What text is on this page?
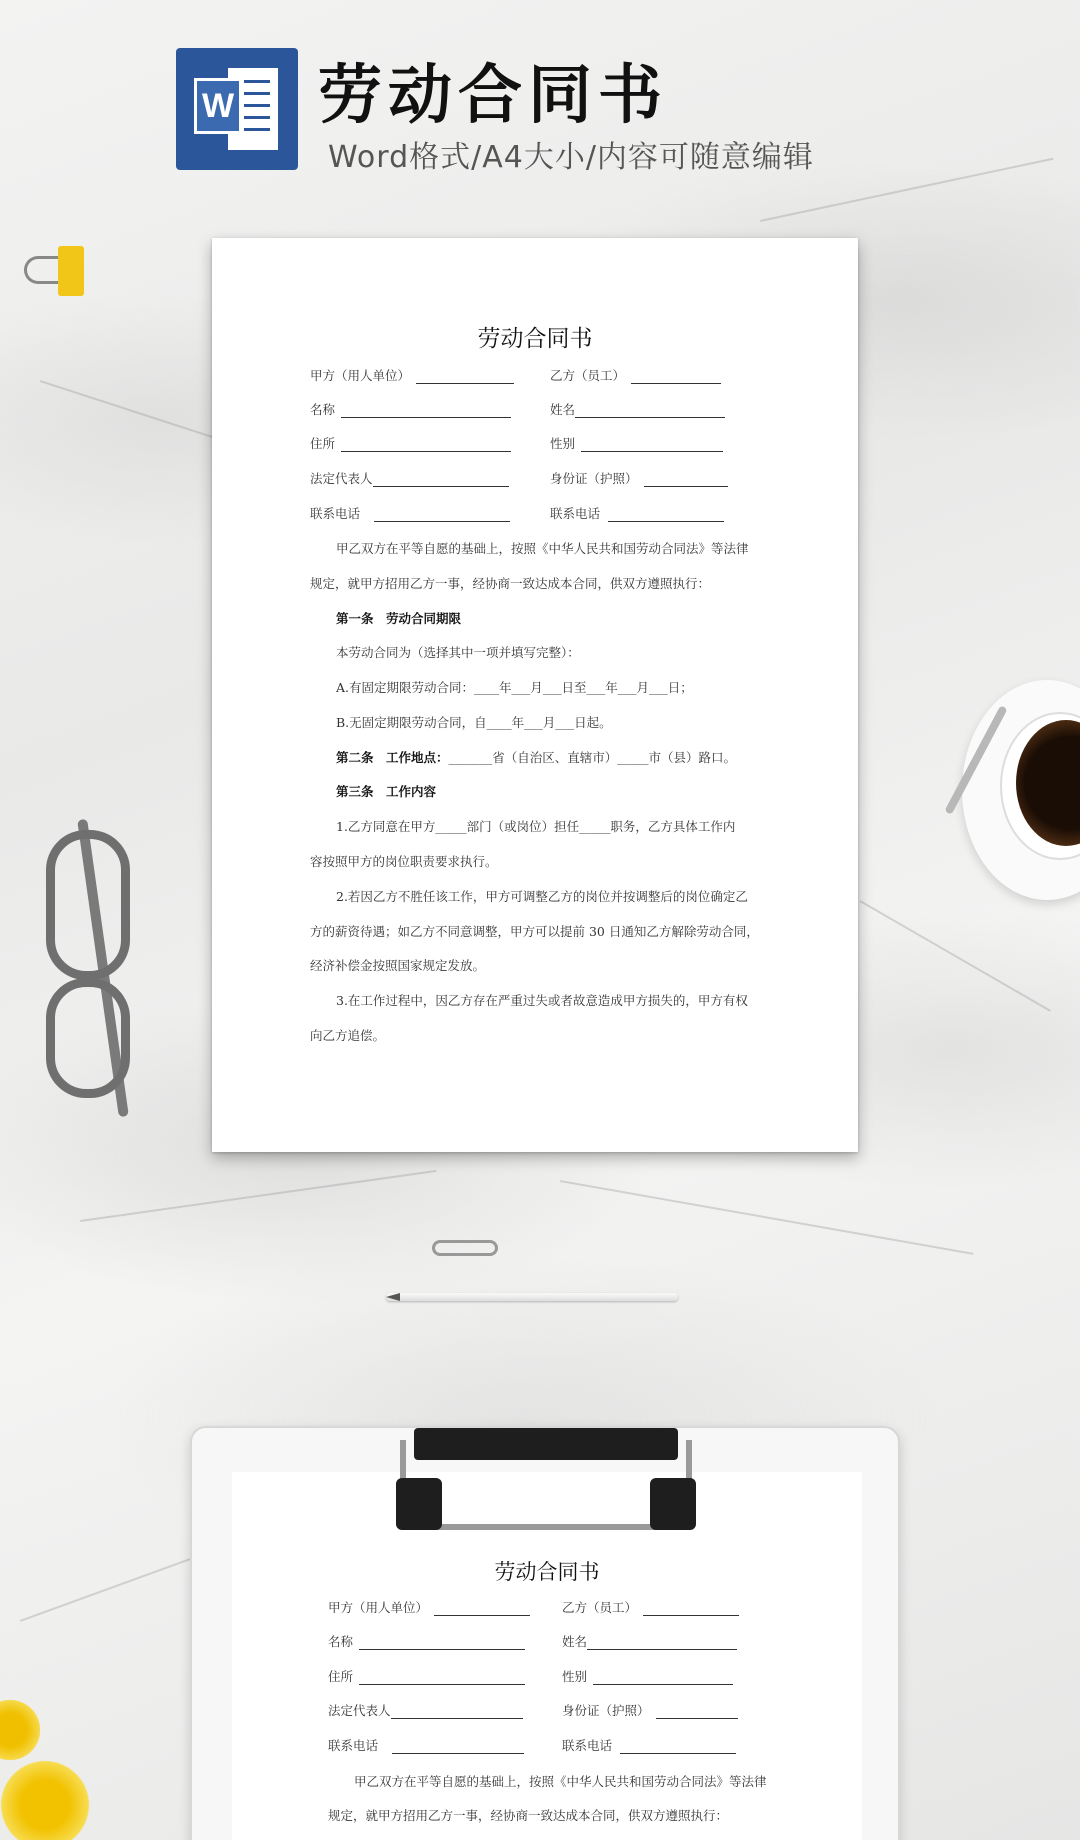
W 劳动合同书
Word格式/A4大小/内容可随意编辑
劳动合同书
甲方（用人单位）	乙方（员工）
名称	姓名
住所	性别
法定代表人	身份证（护照）
联系电话	联系电话
甲乙双方在平等自愿的基础上，按照《中华人民共和国劳动合同法》等法律
规定，就甲方招用乙方一事，经协商一致达成本合同，供双方遵照执行：
第一条　劳动合同期限
本劳动合同为（选择其中一项并填写完整）：
A.有固定期限劳动合同：____年___月___日至___年___月___日；
B.无固定期限劳动合同，自____年___月___日起。
第二条　工作地点：_______省（自治区、直辖市）_____市（县）路口。
第三条　工作内容
1.乙方同意在甲方_____部门（或岗位）担任_____职务，乙方具体工作内
容按照甲方的岗位职责要求执行。
2.若因乙方不胜任该工作，甲方可调整乙方的岗位并按调整后的岗位确定乙
方的薪资待遇；如乙方不同意调整，甲方可以提前 30 日通知乙方解除劳动合同，
经济补偿金按照国家规定发放。
3.在工作过程中，因乙方存在严重过失或者故意造成甲方损失的，甲方有权
向乙方追偿。
劳动合同书
甲方（用人单位）	乙方（员工）
名称	姓名
住所	性别
法定代表人	身份证（护照）
联系电话	联系电话
甲乙双方在平等自愿的基础上，按照《中华人民共和国劳动合同法》等法律
规定，就甲方招用乙方一事，经协商一致达成本合同，供双方遵照执行：
